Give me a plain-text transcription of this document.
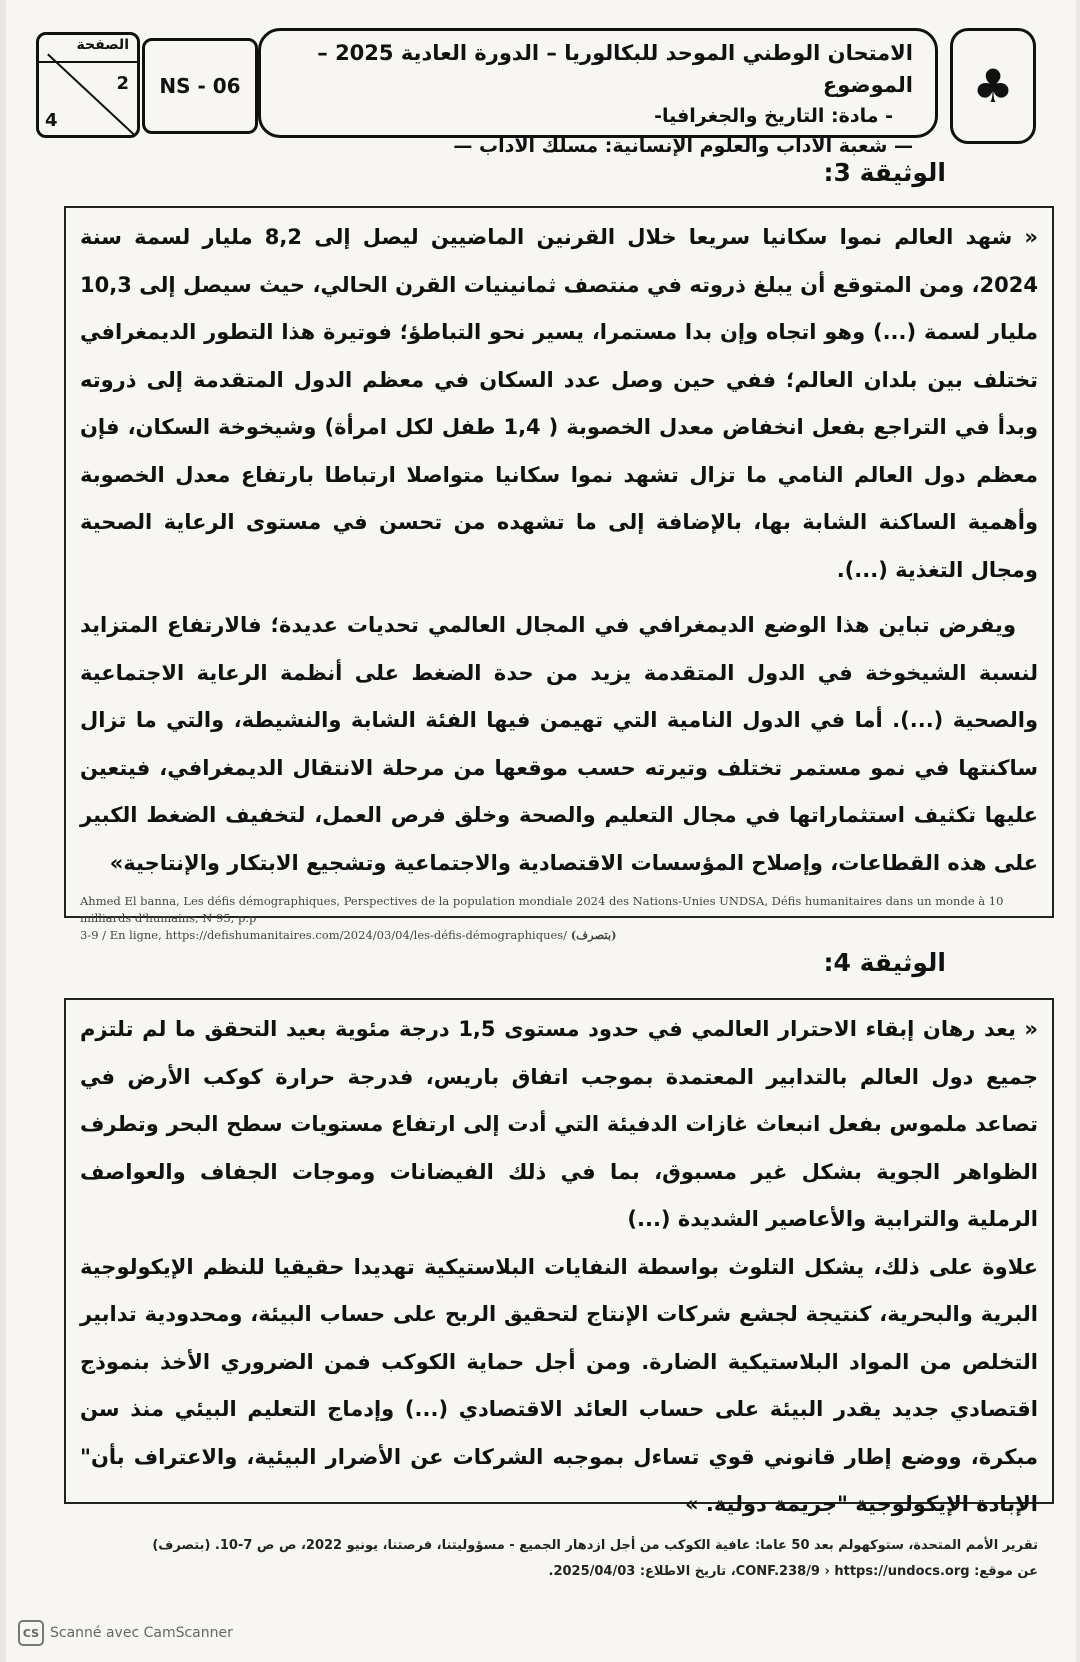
الصفحة
2
4
NS - 06
الامتحان الوطني الموحد للبكالوريا – الدورة العادية 2025 – الموضوع
- مادة: التاريخ والجغرافيا-
— شعبة الآداب والعلوم الإنسانية: مسلك الآداب —
♣
الوثيقة 3:

« شهد العالم نموا سكانيا سريعا خلال القرنين الماضيين ليصل إلى 8,2 مليار لسمة سنة 2024، ومن المتوقع أن يبلغ ذروته في منتصف ثمانينيات القرن الحالي، حيث سيصل إلى 10,3 مليار لسمة (...) وهو اتجاه وإن بدا مستمرا، يسير نحو التباطؤ؛ فوتيرة هذا التطور الديمغرافي تختلف بين بلدان العالم؛ ففي حين وصل عدد السكان في معظم الدول المتقدمة إلى ذروته وبدأ في التراجع بفعل انخفاض معدل الخصوبة ( 1,4 طفل لكل امرأة) وشيخوخة السكان، فإن معظم دول العالم النامي ما تزال تشهد نموا سكانيا متواصلا ارتباطا بارتفاع معدل الخصوبة وأهمية الساكنة الشابة بها، بالإضافة إلى ما تشهده من تحسن في مستوى الرعاية الصحية ومجال التغذية (...).

ويفرض تباين هذا الوضع الديمغرافي في المجال العالمي تحديات عديدة؛ فالارتفاع المتزايد لنسبة الشيخوخة في الدول المتقدمة يزيد من حدة الضغط على أنظمة الرعاية الاجتماعية والصحية (...). أما في الدول النامية التي تهيمن فيها الفئة الشابة والنشيطة، والتي ما تزال ساكنتها في نمو مستمر تختلف وتيرته حسب موقعها من مرحلة الانتقال الديمغرافي، فيتعين عليها تكثيف استثماراتها في مجال التعليم والصحة وخلق فرص العمل، لتخفيف الضغط الكبير على هذه القطاعات، وإصلاح المؤسسات الاقتصادية والاجتماعية وتشجيع الابتكار والإنتاجية»

Ahmed El banna, Les défis démographiques, Perspectives de la population mondiale 2024 des Nations-Unies UNDSA, Défis humanitaires dans un monde à 10 milliards d'humains, N 95, p.p
3-9 / En ligne, https://defishumanitaires.com/2024/03/04/les-défis-démographiques/ (بتصرف)
الوثيقة 4:

« يعد رهان إبقاء الاحترار العالمي في حدود مستوى 1,5 درجة مئوية بعيد التحقق ما لم تلتزم جميع دول العالم بالتدابير المعتمدة بموجب اتفاق باريس، فدرجة حرارة كوكب الأرض في تصاعد ملموس بفعل انبعاث غازات الدفيئة التي أدت إلى ارتفاع مستويات سطح البحر وتطرف الظواهر الجوية بشكل غير مسبوق، بما في ذلك الفيضانات وموجات الجفاف والعواصف الرملية والترابية والأعاصير الشديدة (...)

علاوة على ذلك، يشكل التلوث بواسطة النفايات البلاستيكية تهديدا حقيقيا للنظم الإيكولوجية البرية والبحرية، كنتيجة لجشع شركات الإنتاج لتحقيق الربح على حساب البيئة، ومحدودية تدابير التخلص من المواد البلاستيكية الضارة. ومن أجل حماية الكوكب فمن الضروري الأخذ بنموذج اقتصادي جديد يقدر البيئة على حساب العائد الاقتصادي (...) وإدماج التعليم البيئي منذ سن مبكرة، ووضع إطار قانوني قوي تساءل بموجبه الشركات عن الأضرار البيئية، والاعتراف بأن" الإبادة الإيكولوجية "جريمة دولية. »

تقرير الأمم المتحدة، ستوكهولم بعد 50 عاما: عافية الكوكب من أجل ازدهار الجميع - مسؤوليتنا، فرصتنا، يونيو 2022، ص ص 7-10. (بتصرف)
عن موقع: CONF.238/9 › https://undocs.org، تاريخ الاطلاع: 2025/04/03.
CS Scanné avec CamScanner
